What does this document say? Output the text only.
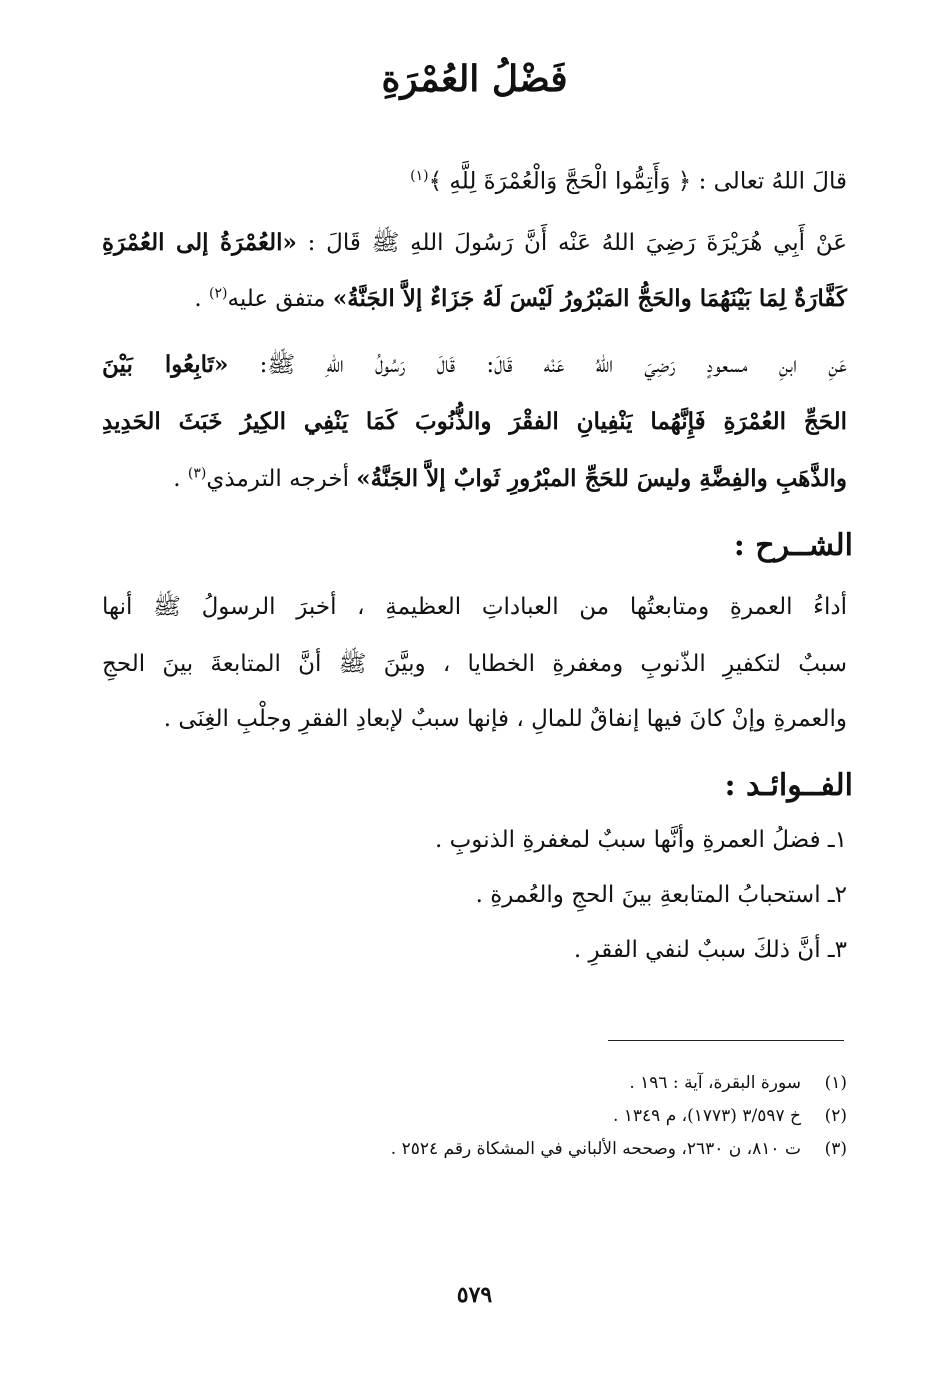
فَضْلُ العُمْرَةِ
قالَ اللهُ تعالى : ﴿ وَأَتِمُّوا الْحَجَّ وَالْعُمْرَةَ لِلَّهِ ﴾$^{(١)}$
عَنْ أَبِي هُرَيْرَةَ رَضِيَ اللهُ عَنْه أَنَّ رَسُولَ اللهِ ﷺ قَالَ : «العُمْرَةُ إلى العُمْرَةِ
كَفَّارَةٌ لِمَا بَيْنَهُمَا والحَجُّ المَبْرُورُ لَيْسَ لَهُ جَزَاءٌ إلاَّ الجَنَّةُ» متفق عليه$^{(٢)}$ .
عَنِ ابنِ مسعودٍ رَضِيَ اللهُ عَنْه قَالَ: قَالَ رَسُولُ اللهِ ﷺ: «تَابِعُوا بَيْنَ
الحَجِّ العُمْرَةِ فَإِنَّهُما يَنْفِيانِ الفقْرَ والذُّنُوبَ كَمَا يَنْفِي الكِيرُ خَبَثَ الحَدِيدِ
والذَّهَبِ والفِضَّةِ وليسَ للحَجِّ المبْرُورِ ثَوابٌ إلاَّ الجَنَّةُ» أخرجه الترمذي$^{(٣)}$ .
الشــرح :
أداءُ العمرةِ ومتابعتُها من العباداتِ العظيمةِ ، أخبرَ الرسولُ ﷺ أنها
سببٌ لتكفيرِ الذّنوبِ ومغفرةِ الخطايا ، وبيَّنَ ﷺ أنَّ المتابعةَ بينَ الحجِ
والعمرةِ وإنْ كانَ فيها إنفاقٌ للمالِ ، فإنها سببٌ لإبعادِ الفقرِ وجلْبِ الغِنَى .
الفــوائـد :
١ـ فضلُ العمرةِ وأنَّها سببٌ لمغفرةِ الذنوبِ .
٢ـ استحبابُ المتابعةِ بينَ الحجِ والعُمرةِ .
٣ـ أنَّ ذلكَ سببٌ لنفي الفقرِ .
(١)سورة البقرة، آية : ١٩٦ .
(٢)خ ٣/٥٩٧ (١٧٧٣)، م ١٣٤٩ .
(٣)ت ٨١٠، ن ٢٦٣٠، وصححه الألباني في المشكاة رقم ٢٥٢٤ .
٥٧٩
